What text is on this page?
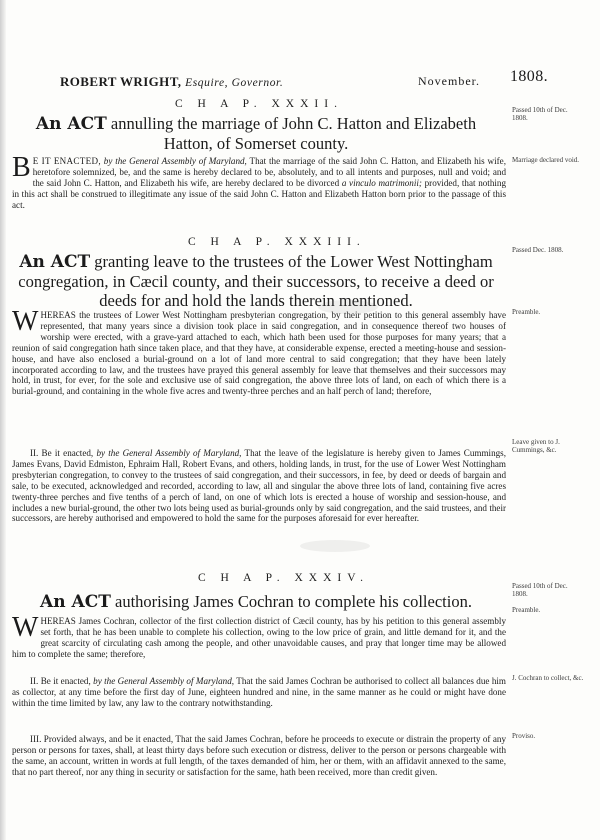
ROBERT WRIGHT, Esquire, Governor.	November. 1808.
C H A P. XXXII.	Passed 10th of Dec. 1808.
An ACT annulling the marriage of John C. Hatton and Elizabeth Hatton, of Somerset county.
Marriage declared void.
B E IT ENACTED, by the General Assembly of Maryland, That the marriage of the said John C. Hatton, and Elizabeth his wife, heretofore solemnized, be, and the same is hereby declared to be, absolutely, and to all intents and purposes, null and void; and the said John C. Hatton, and Elizabeth his wife, are hereby declared to be divorced a vinculo matrimonii; provided, that nothing in this act shall be construed to illegitimate any issue of the said John C. Hatton and Elizabeth Hatton born prior to the passage of this act.
C H A P. XXXIII.
Passed Dec. 1808.
An ACT granting leave to the trustees of the Lower West Nottingham congregation, in Cæcil county, and their successors, to receive a deed or deeds for and hold the lands therein mentioned.
Preamble.
WHEREAS the trustees of Lower West Nottingham presbyterian congregation, by their petition to this general assembly have represented, that many years since a division took place in said congregation, and in consequence thereof two houses of worship were erected, with a grave-yard attached to each, which hath been used for those purposes for many years; that a reunion of said congregation hath since taken place, and that they have, at considerable expense, erected a meeting-house and session-house, and have also enclosed a burial-ground on a lot of land more central to said congregation; that they have been lately incorporated according to law, and the trustees have prayed this general assembly for leave that themselves and their successors may hold, in trust, for ever, for the sole and exclusive use of said congregation, the above three lots of land, on each of which there is a burial-ground, and containing in the whole five acres and twenty-three perches and an half perch of land; therefore,
Leave given to J. Cummings, &c.
II. Be it enacted, by the General Assembly of Maryland, That the leave of the legislature is hereby given to James Cummings, James Evans, David Edmiston, Ephraim Hall, Robert Evans, and others, holding lands, in trust, for the use of Lower West Nottingham presbyterian congregation, to convey to the trustees of said congregation, and their successors, in fee, by deed or deeds of bargain and sale, to be executed, acknowledged and recorded, according to law, all and singular the above three lots of land, containing five acres twenty-three perches and five tenths of a perch of land, on one of which lots is erected a house of worship and session-house, and includes a new burial-ground, the other two lots being used as burial-grounds only by said congregation, and the said trustees, and their successors, are hereby authorised and empowered to hold the same for the purposes aforesaid for ever hereafter.
C H A P. XXXIV.
Passed 10th of Dec. 1808.
An ACT authorising James Cochran to complete his collection.	Preamble.
WHEREAS James Cochran, collector of the first collection district of Cæcil county, has by his petition to this general assembly set forth, that he has been unable to complete his collection, owing to the low price of grain, and little demand for it, and the great scarcity of circulating cash among the people, and other unavoidable causes, and pray that longer time may be allowed him to complete the same; therefore,
J. Cochran to collect, &c.
II. Be it enacted, by the General Assembly of Maryland, That the said James Cochran be authorised to collect all balances due him as collector, at any time before the first day of June, eighteen hundred and nine, in the same manner as he could or might have done within the time limited by law, any law to the contrary notwithstanding.
Proviso.
III. Provided always, and be it enacted, That the said James Cochran, before he proceeds to execute or distrain the property of any person or persons for taxes, shall, at least thirty days before such execution or distress, deliver to the person or persons chargeable with the same, an account, written in words at full length, of the taxes demanded of him, her or them, with an affidavit annexed to the same, that no part thereof, nor any thing in security or satisfaction for the same, hath been received, more than credit given.
